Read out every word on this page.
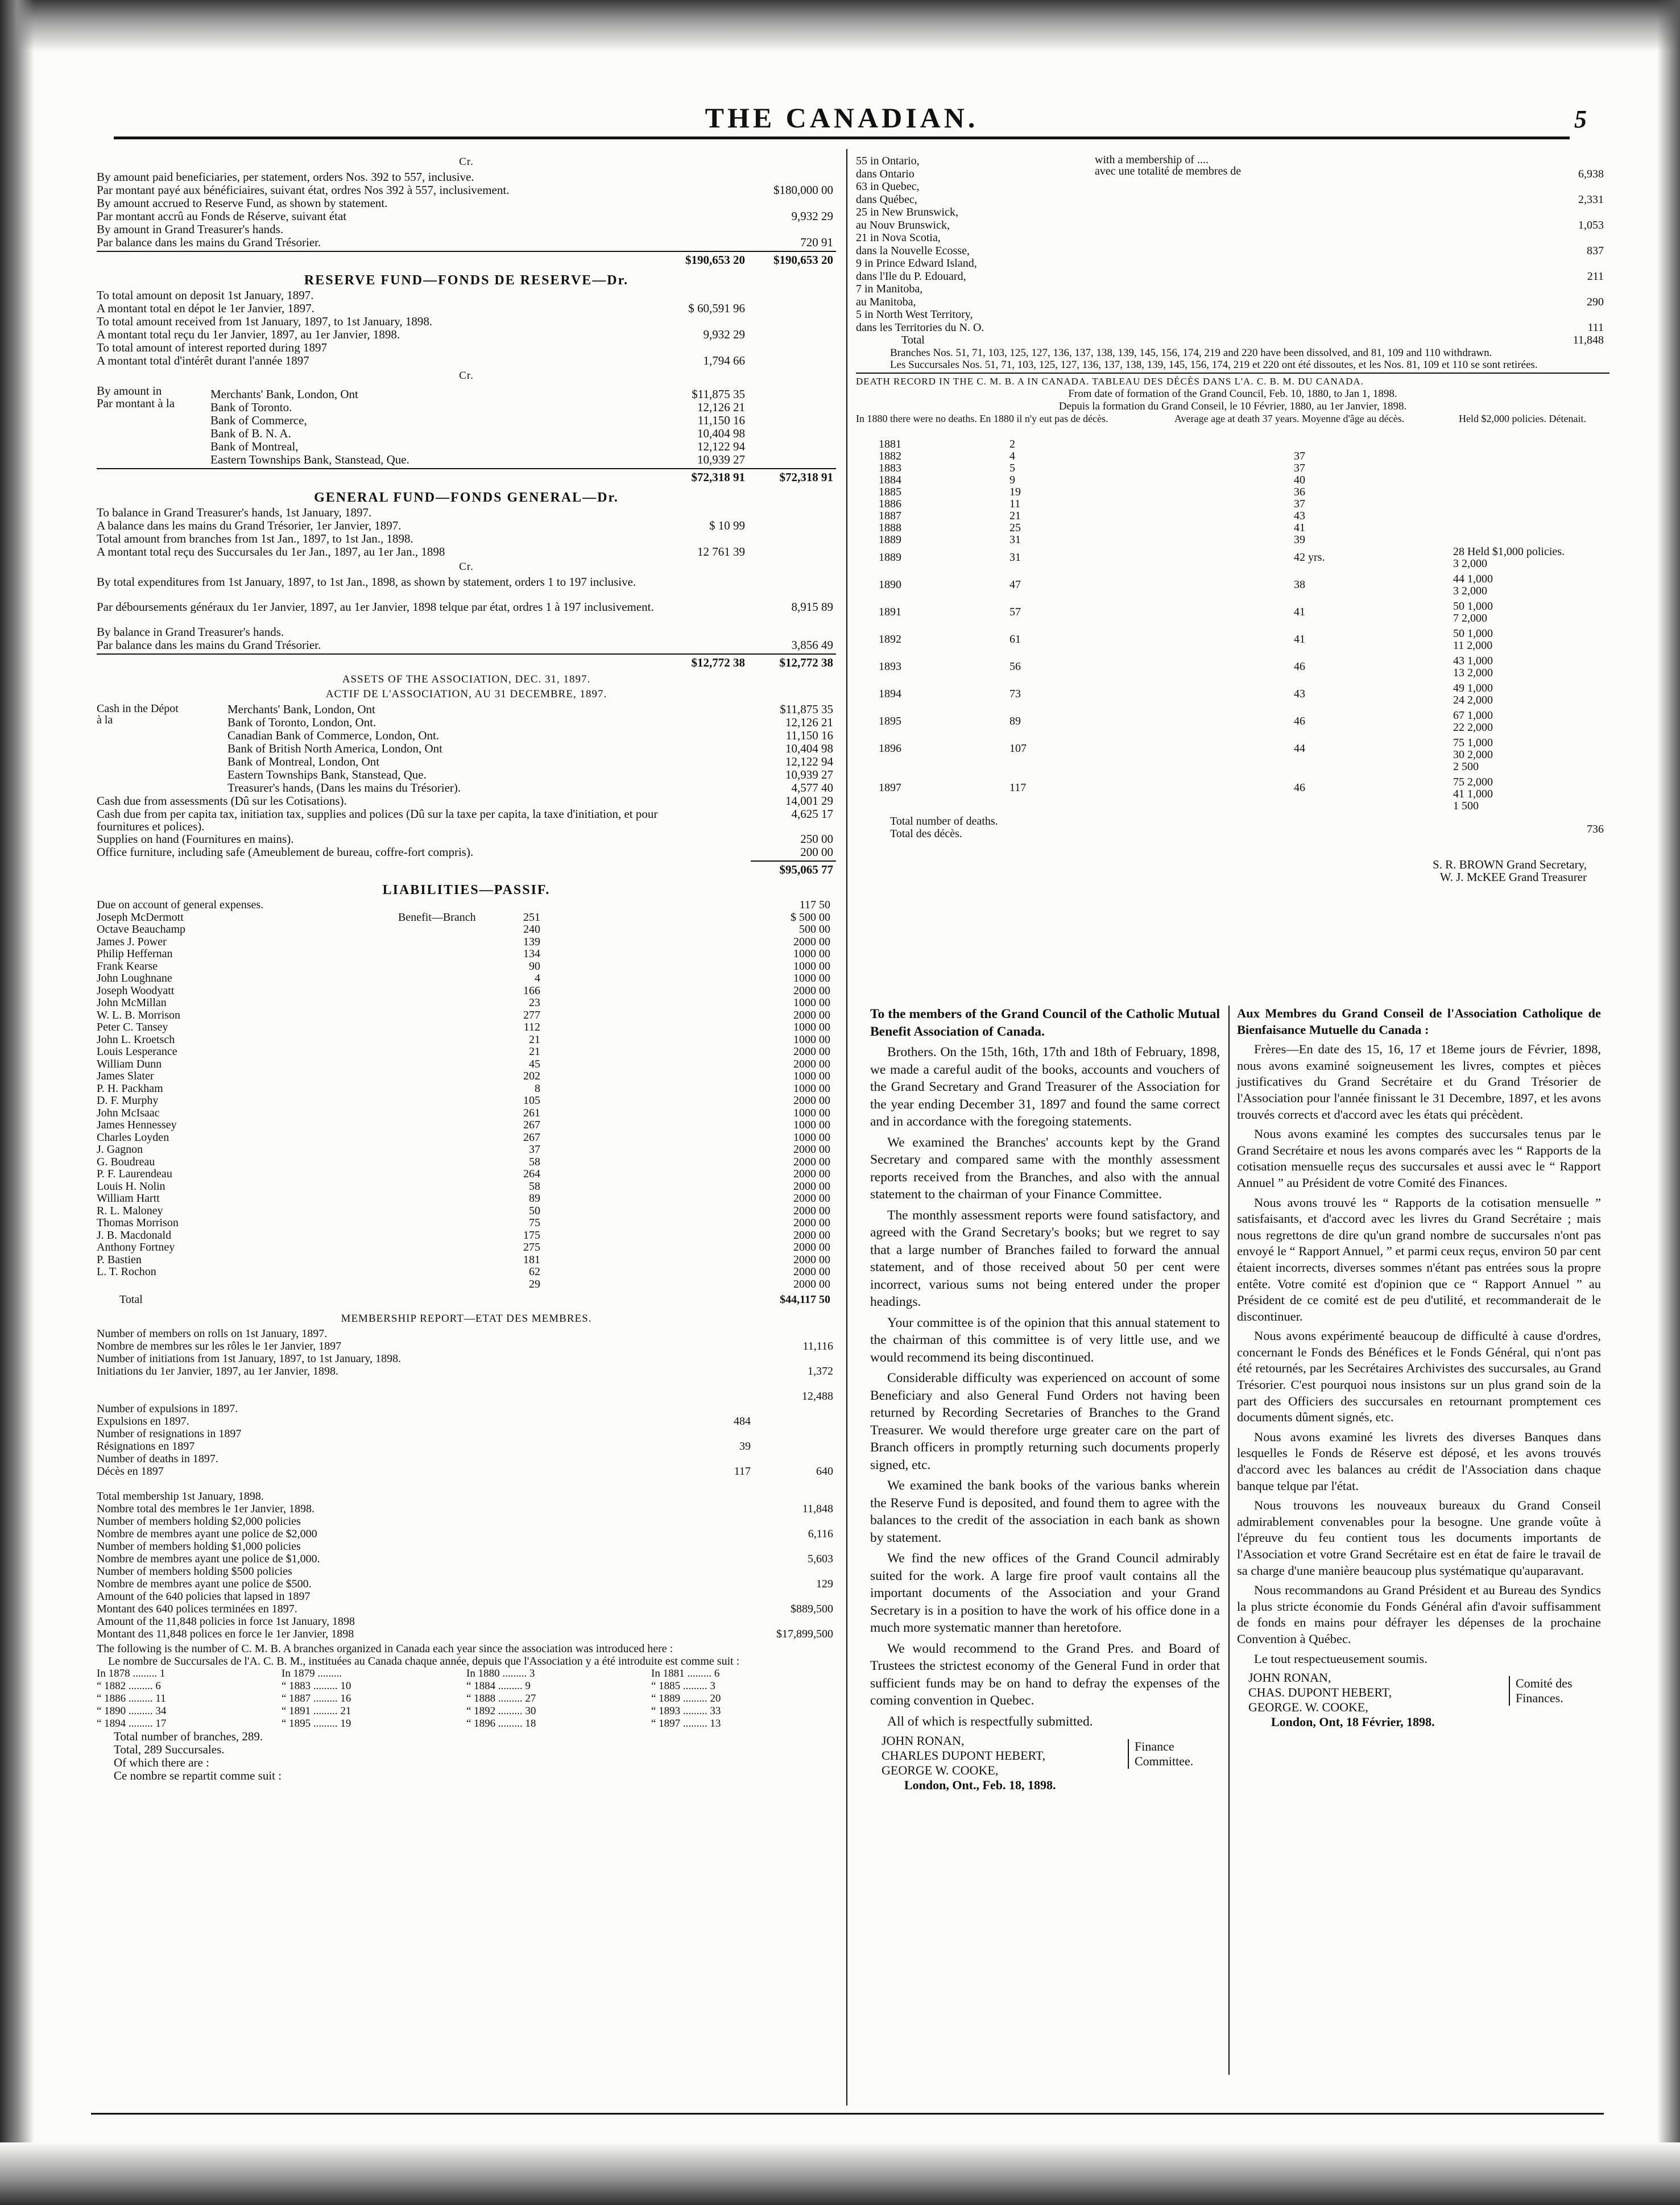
THE CANADIAN.	5
Cr.
By amount paid beneficiaries, per statement, orders Nos. 392 to 557, inclusive.
Par montant payé aux bénéficiaires, suivant état, ordres Nos 392 à 557, inclusivement.	$180,000 00
By amount accrued to Reserve Fund, as shown by statement.
Par montant accrû au Fonds de Réserve, suivant état	9,932 29
By amount in Grand Treasurer's hands.
Par balance dans les mains du Grand Trésorier.	720 91
$190,653 20	$190,653 20
RESERVE FUND—FONDS DE RESERVE—Dr.
To total amount on deposit 1st January, 1897.
A montant total en dépot le 1er Janvier, 1897.	$ 60,591 96
To total amount received from 1st January, 1897, to 1st January, 1898.
A montant total reçu du 1er Janvier, 1897, au 1er Janvier, 1898.	9,932 29
To total amount of interest reported during 1897
A montant total d'intérêt durant l'année 1897	1,794 66
Cr.
By amount in
Par montant à la
Merchants' Bank, London, Ont	$11,875 35
Bank of Toronto.	12,126 21
Bank of Commerce,	11,150 16
Bank of B. N. A.	10,404 98
Bank of Montreal,	12,122 94
Eastern Townships Bank, Stanstead, Que.	10,939 27
$72,318 91	$72,318 91
GENERAL FUND—FONDS GENERAL—Dr.
To balance in Grand Treasurer's hands, 1st January, 1897.
A balance dans les mains du Grand Trésorier, 1er Janvier, 1897.	$ 10 99
Total amount from branches from 1st Jan., 1897, to 1st Jan., 1898.
A montant total reçu des Succursales du 1er Jan., 1897, au 1er Jan., 1898	12 761 39
Cr.
By total expenditures from 1st January, 1897, to 1st Jan., 1898, as shown by statement, orders 1 to 197 inclusive.
Par déboursements généraux du 1er Janvier, 1897, au 1er Janvier, 1898 telque par état, ordres 1 à 197 inclusivement.	8,915 89
By balance in Grand Treasurer's hands.
Par balance dans les mains du Grand Trésorier.	3,856 49
$12,772 38	$12,772 38
ASSETS OF THE ASSOCIATION, DEC. 31, 1897.
ACTIF DE L'ASSOCIATION, AU 31 DECEMBRE, 1897.
Cash in the Dépot à la
Merchants' Bank, London, Ont	$11,875 35
Bank of Toronto, London, Ont.	12,126 21
Canadian Bank of Commerce, London, Ont.	11,150 16
Bank of British North America, London, Ont	10,404 98
Bank of Montreal, London, Ont	12,122 94
Eastern Townships Bank, Stanstead, Que.	10,939 27
Treasurer's hands, (Dans les mains du Trésorier).	4,577 40
Cash due from assessments (Dû sur les Cotisations).	14,001 29
Cash due from per capita tax, initiation tax, supplies and polices (Dû sur la taxe per capita, la taxe d'initiation, et pour fournitures et polices).
4,625 17
Supplies on hand (Fournitures en mains).	250 00
Office furniture, including safe (Ameublement de bureau, coffre-fort compris).	200 00
$95,065 77
LIABILITIES—PASSIF.
Due on account of general expenses.	117 50
Joseph McDermott	Benefit—Branch	251	$ 500 00
Octave Beauchamp	240	500 00
James J. Power	139	2000 00
Philip Heffernan	134	1000 00
Frank Kearse	90	1000 00
John Loughnane	4	1000 00
Joseph Woodyatt	166	2000 00
John McMillan	23	1000 00
W. L. B. Morrison	277	2000 00
Peter C. Tansey	112	1000 00
John L. Kroetsch	21	1000 00
Louis Lesperance	21	2000 00
William Dunn	45	2000 00
James Slater	202	1000 00
P. H. Packham	8	1000 00
D. F. Murphy	105	2000 00
John McIsaac	261	1000 00
James Hennessey	267	1000 00
Charles Loyden	267	1000 00
J. Gagnon	37	2000 00
G. Boudreau	58	2000 00
P. F. Laurendeau	264	2000 00
Louis H. Nolin	58	2000 00
William Hartt	89	2000 00
R. L. Maloney	50	2000 00
Thomas Morrison	75	2000 00
J. B. Macdonald	175	2000 00
Anthony Fortney	275	2000 00
P. Bastien	181	2000 00
L. T. Rochon	62	2000 00
29	2000 00
Total	$44,117 50
MEMBERSHIP REPORT—ETAT DES MEMBRES.
Number of members on rolls on 1st January, 1897.
Nombre de membres sur les rôles le 1er Janvier, 1897	11,116
Number of initiations from 1st January, 1897, to 1st January, 1898.
Initiations du 1er Janvier, 1897, au 1er Janvier, 1898.	1,372
12,488
Number of expulsions in 1897.
Expulsions en 1897.	484
Number of resignations in 1897
Résignations en 1897	39
Number of deaths in 1897.
Décès en 1897	117	640
Total membership 1st January, 1898.
Nombre total des membres le 1er Janvier, 1898.	11,848
Number of members holding $2,000 policies
Nombre de membres ayant une police de $2,000	6,116
Number of members holding $1,000 policies
Nombre de membres ayant une police de $1,000.	5,603
Number of members holding $500 policies
Nombre de membres ayant une police de $500.	129
Amount of the 640 policies that lapsed in 1897
Montant des 640 polices terminées en 1897.	$889,500
Amount of the 11,848 policies in force 1st January, 1898
Montant des 11,848 polices en force le 1er Janvier, 1898	$17,899,500
The following is the number of C. M. B. A branches organized in Canada each year since the association was introduced here :
Le nombre de Succursales de l'A. C. B. M., instituées au Canada chaque année, depuis que l'Association y a été introduite est comme suit :
In 1878 ......... 1	In 1879 .........	In 1880 ......... 3	In 1881 ......... 6
“ 1882 ......... 6	“ 1883 ......... 10	“ 1884 ......... 9	“ 1885 ......... 3
“ 1886 ......... 11	“ 1887 ......... 16	“ 1888 ......... 27	“ 1889 ......... 20
“ 1890 ......... 34	“ 1891 ......... 21	“ 1892 ......... 30	“ 1893 ......... 33
“ 1894 ......... 17	“ 1895 ......... 19	“ 1896 ......... 18	“ 1897 ......... 13
Total number of branches, 289.
Total, 289 Succursales.
Of which there are :
Ce nombre se repartit comme suit :
with a membership of ....
avec une totalité de membres de
55 in Ontario,
dans Ontario	6,938
63 in Quebec,
dans Québec,	2,331
25 in New Brunswick,
au Nouv Brunswick,	1,053
21 in Nova Scotia,
dans la Nouvelle Ecosse,	837
9 in Prince Edward Island,
dans l'Ile du P. Edouard,	211
7 in Manitoba,
au Manitoba,	290
5 in North West Territory,
dans les Territories du N. O.	111
Total	11,848
Branches Nos. 51, 71, 103, 125, 127, 136, 137, 138, 139, 145, 156, 174, 219 and 220 have been dissolved, and 81, 109 and 110 withdrawn.
Les Succursales Nos. 51, 71, 103, 125, 127, 136, 137, 138, 139, 145, 156, 174, 219 et 220 ont été dissoutes, et les Nos. 81, 109 et 110 se sont retirées.
DEATH RECORD IN THE C. M. B. A IN CANADA. TABLEAU DES DÉCÈS DANS L'A. C. B. M. DU CANADA.
From date of formation of the Grand Council, Feb. 10, 1880, to Jan 1, 1898.
Depuis la formation du Grand Conseil, le 10 Février, 1880, au 1er Janvier, 1898.
In 1880 there were no deaths. En 1880 il n'y eut pas de décès.	Average age at death 37 years. Moyenne d'âge au décès.	Held $2,000 policies. Détenait.
1881	2
1882	4	37
1883	5	37
1884	9	40
1885	19	36
1886	11	37
1887	21	43
1888	25	41
1889	31	39
1889	31	42 yrs.	28 Held $1,000 policies.
3 2,000
1890	47	38	44 1,000
3 2,000
1891	57	41	50 1,000
7 2,000
1892	61	41	50 1,000
11 2,000
1893	56	46	43 1,000
13 2,000
1894	73	43	49 1,000
24 2,000
1895	89	46	67 1,000
22 2,000
1896	107	44	75 1,000
30 2,000
2 500
1897	117	46	75 2,000
41 1,000
1 500
Total number of deaths.
Total des décès.	736
S. R. BROWN Grand Secretary,
W. J. McKEE Grand Treasurer

To the members of the Grand Council of the Catholic Mutual Benefit Association of Canada.

Brothers. On the 15th, 16th, 17th and 18th of February, 1898, we made a careful audit of the books, accounts and vouchers of the Grand Secretary and Grand Treasurer of the Association for the year ending December 31, 1897 and found the same correct and in accordance with the foregoing statements.

We examined the Branches' accounts kept by the Grand Secretary and compared same with the monthly assessment reports received from the Branches, and also with the annual statement to the chairman of your Finance Committee.

The monthly assessment reports were found satisfactory, and agreed with the Grand Secretary's books; but we regret to say that a large number of Branches failed to forward the annual statement, and of those received about 50 per cent were incorrect, various sums not being entered under the proper headings.

Your committee is of the opinion that this annual statement to the chairman of this committee is of very little use, and we would recommend its being discontinued.

Considerable difficulty was experienced on account of some Beneficiary and also General Fund Orders not having been returned by Recording Secretaries of Branches to the Grand Treasurer. We would therefore urge greater care on the part of Branch officers in promptly returning such documents properly signed, etc.

We examined the bank books of the various banks wherein the Reserve Fund is deposited, and found them to agree with the balances to the credit of the association in each bank as shown by statement.

We find the new offices of the Grand Council admirably suited for the work. A large fire proof vault contains all the important documents of the Association and your Grand Secretary is in a position to have the work of his office done in a much more systematic manner than heretofore.

We would recommend to the Grand Pres. and Board of Trustees the strictest economy of the General Fund in order that sufficient funds may be on hand to defray the expenses of the coming convention in Quebec.

All of which is respectfully submitted.

JOHN RONAN,
CHARLES DUPONT HEBERT,
GEORGE W. COOKE,
Finance Committee.
London, Ont., Feb. 18, 1898.

Aux Membres du Grand Conseil de l'Association Catholique de Bienfaisance Mutuelle du Canada :

Frères—En date des 15, 16, 17 et 18eme jours de Février, 1898, nous avons examiné soigneusement les livres, comptes et pièces justificatives du Grand Secrétaire et du Grand Trésorier de l'Association pour l'année finissant le 31 Decembre, 1897, et les avons trouvés corrects et d'accord avec les états qui précèdent.

Nous avons examiné les comptes des succursales tenus par le Grand Secrétaire et nous les avons comparés avec les “ Rapports de la cotisation mensuelle reçus des succursales et aussi avec le “ Rapport Annuel ” au Président de votre Comité des Finances.

Nous avons trouvé les “ Rapports de la cotisation mensuelle ” satisfaisants, et d'accord avec les livres du Grand Secrétaire ; mais nous regrettons de dire qu'un grand nombre de succursales n'ont pas envoyé le “ Rapport Annuel, ” et parmi ceux reçus, environ 50 par cent étaient incorrects, diverses sommes n'étant pas entrées sous la propre entête. Votre comité est d'opinion que ce “ Rapport Annuel ” au Président de ce comité est de peu d'utilité, et recommanderait de le discontinuer.

Nous avons expérimenté beaucoup de difficulté à cause d'ordres, concernant le Fonds des Bénéfices et le Fonds Général, qui n'ont pas été retournés, par les Secrétaires Archivistes des succursales, au Grand Trésorier. C'est pourquoi nous insistons sur un plus grand soin de la part des Officiers des succursales en retournant promptement ces documents dûment signés, etc.

Nous avons examiné les livrets des diverses Banques dans lesquelles le Fonds de Réserve est déposé, et les avons trouvés d'accord avec les balances au crédit de l'Association dans chaque banque telque par l'état.

Nous trouvons les nouveaux bureaux du Grand Conseil admirablement convenables pour la besogne. Une grande voûte à l'épreuve du feu contient tous les documents importants de l'Association et votre Grand Secrétaire est en état de faire le travail de sa charge d'une manière beaucoup plus systématique qu'auparavant.

Nous recommandons au Grand Président et au Bureau des Syndics la plus stricte économie du Fonds Général afin d'avoir suffisamment de fonds en mains pour défrayer les dépenses de la prochaine Convention à Québec.

Le tout respectueusement soumis.

JOHN RONAN,
CHAS. DUPONT HEBERT,
GEORGE. W. COOKE,
Comité des Finances.
London, Ont, 18 Février, 1898.
